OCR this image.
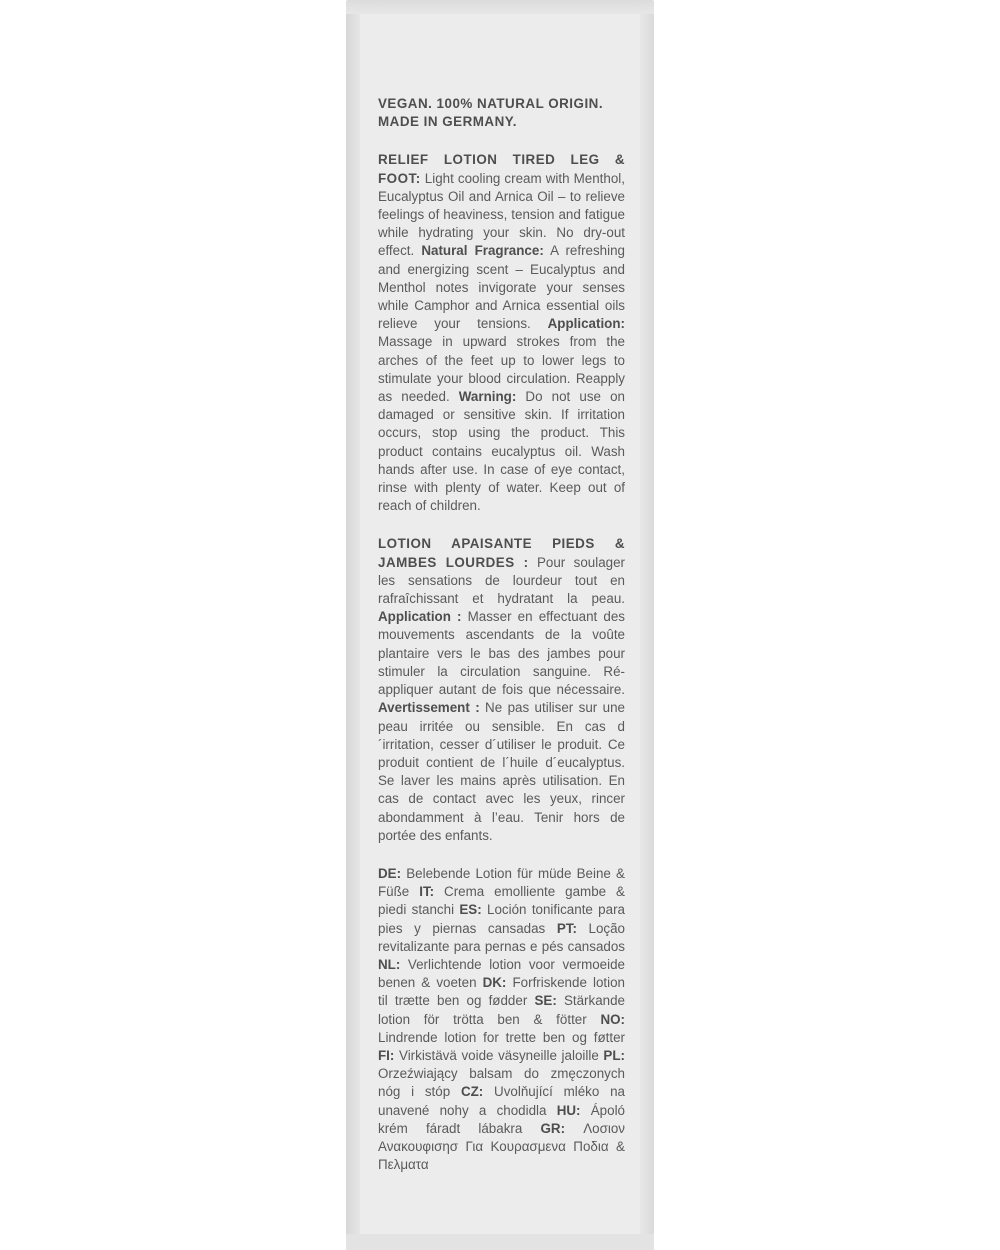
VEGAN. 100% NATURAL ORIGIN.
MADE IN GERMANY.

RELIEF LOTION TIRED LEG & FOOT: Light cooling cream with Menthol, Eucalyptus Oil and Arnica Oil – to relieve feelings of heaviness, tension and fatigue while hydrating your skin. No dry-out effect. Natural Fragrance: A refreshing and energizing scent – Eucalyptus and Menthol notes invigorate your senses while Camphor and Arnica essential oils relieve your tensions. Application: Massage in upward strokes from the arches of the feet up to lower legs to stimulate your blood circulation. Reapply as needed. Warning: Do not use on damaged or sensitive skin. If irritation occurs, stop using the product. This product contains eucalyptus oil. Wash hands after use. In case of eye contact, rinse with plenty of water. Keep out of reach of children.

LOTION APAISANTE PIEDS & JAMBES LOURDES : Pour soulager les sensations de lourdeur tout en rafraîchissant et hydratant la peau. Application : Masser en effectuant des mouvements ascendants de la voûte plantaire vers le bas des jambes pour stimuler la circulation sanguine. Ré-appliquer autant de fois que nécessaire. Avertissement : Ne pas utiliser sur une peau irritée ou sensible. En cas d´irritation, cesser d´utiliser le produit. Ce produit contient de l´huile d´eucalyptus. Se laver les mains après utilisation. En cas de contact avec les yeux, rincer abondamment à l’eau. Tenir hors de portée des enfants.

DE: Belebende Lotion für müde Beine & Füße IT: Crema emolliente gambe & piedi stanchi ES: Loción tonificante para pies y piernas cansadas PT: Loção revitalizante para pernas e pés cansados NL: Verlichtende lotion voor vermoeide benen & voeten DK: Forfriskende lotion til trætte ben og fødder SE: Stärkande lotion för trötta ben & fötter NO: Lindrende lotion for trette ben og føtter FI: Virkistävä voide väsyneille jaloille PL: Orzeźwiający balsam do zmęczonych nóg i stóp CZ: Uvolňující mléko na unavené nohy a chodidla HU: Ápoló krém fáradt lábakra GR: Λοσιον Ανακουφισησ Για Κουρασμενα Ποδια & Πελματα
